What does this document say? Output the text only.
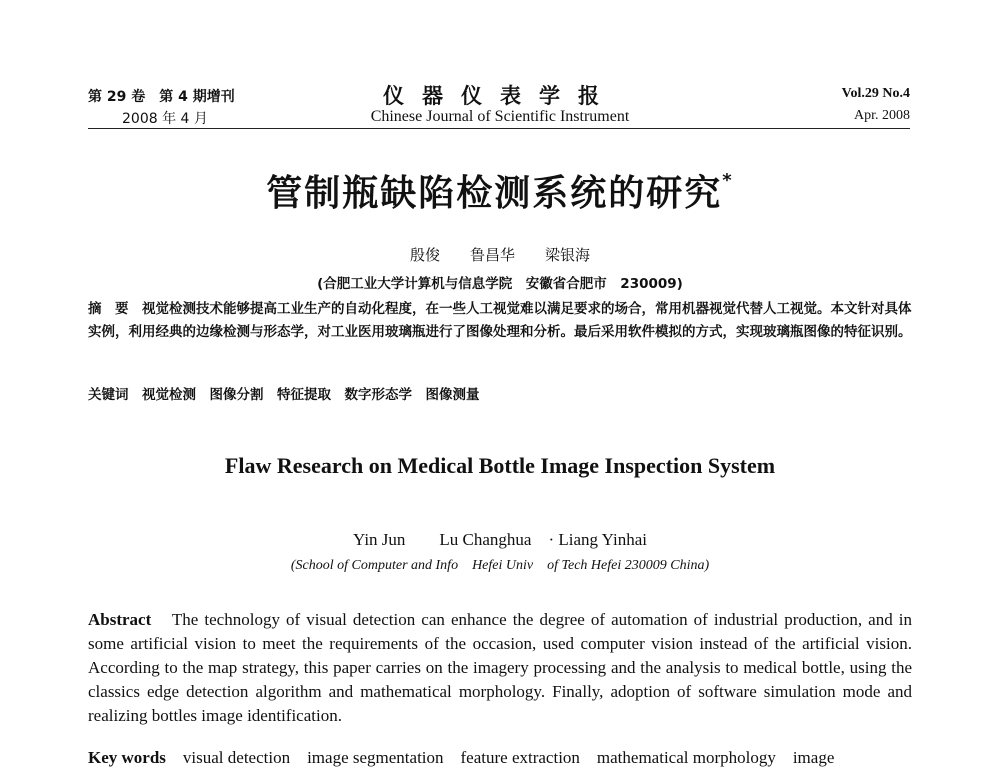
第 29 卷　第 4 期增刊
2008 年 4 月
仪器仪表学报
Chinese Journal of Scientific Instrument
Vol.29 No.4
Apr. 2008
管制瓶缺陷检测系统的研究*
殷俊　　鲁昌华　　梁银海
(合肥工业大学计算机与信息学院　安徽省合肥市　230009)
摘　要　 视觉检测技术能够提高工业生产的自动化程度，在一些人工视觉难以满足要求的场合，常用机器视觉代替人工视觉。本文针对具体实例，利用经典的边缘检测与形态学，对工业医用玻璃瓶进行了图像处理和分析。最后采用软件模拟的方式，实现玻璃瓶图像的特征识别。
关键词　 视觉检测　图像分割　特征提取　数字形态学　图像测量
Flaw Research on Medical Bottle Image Inspection System
Yin Jun　　Lu Changhua　· Liang Yinhai
(School of Computer and Info　Hefei Univ　of Tech Hefei 230009 China)
Abstract　 The technology of visual detection can enhance the degree of automation of industrial production, and in some artificial vision to meet the requirements of the occasion, used computer vision instead of the artificial vision. According to the map strategy, this paper carries on the imagery processing and the analysis to medical bottle, using the classics edge detection algorithm and mathematical morphology. Finally, adoption of software simulation mode and realizing bottles image identification.
Key words　 visual detection　image segmentation　feature extraction　mathematical morphology　image
